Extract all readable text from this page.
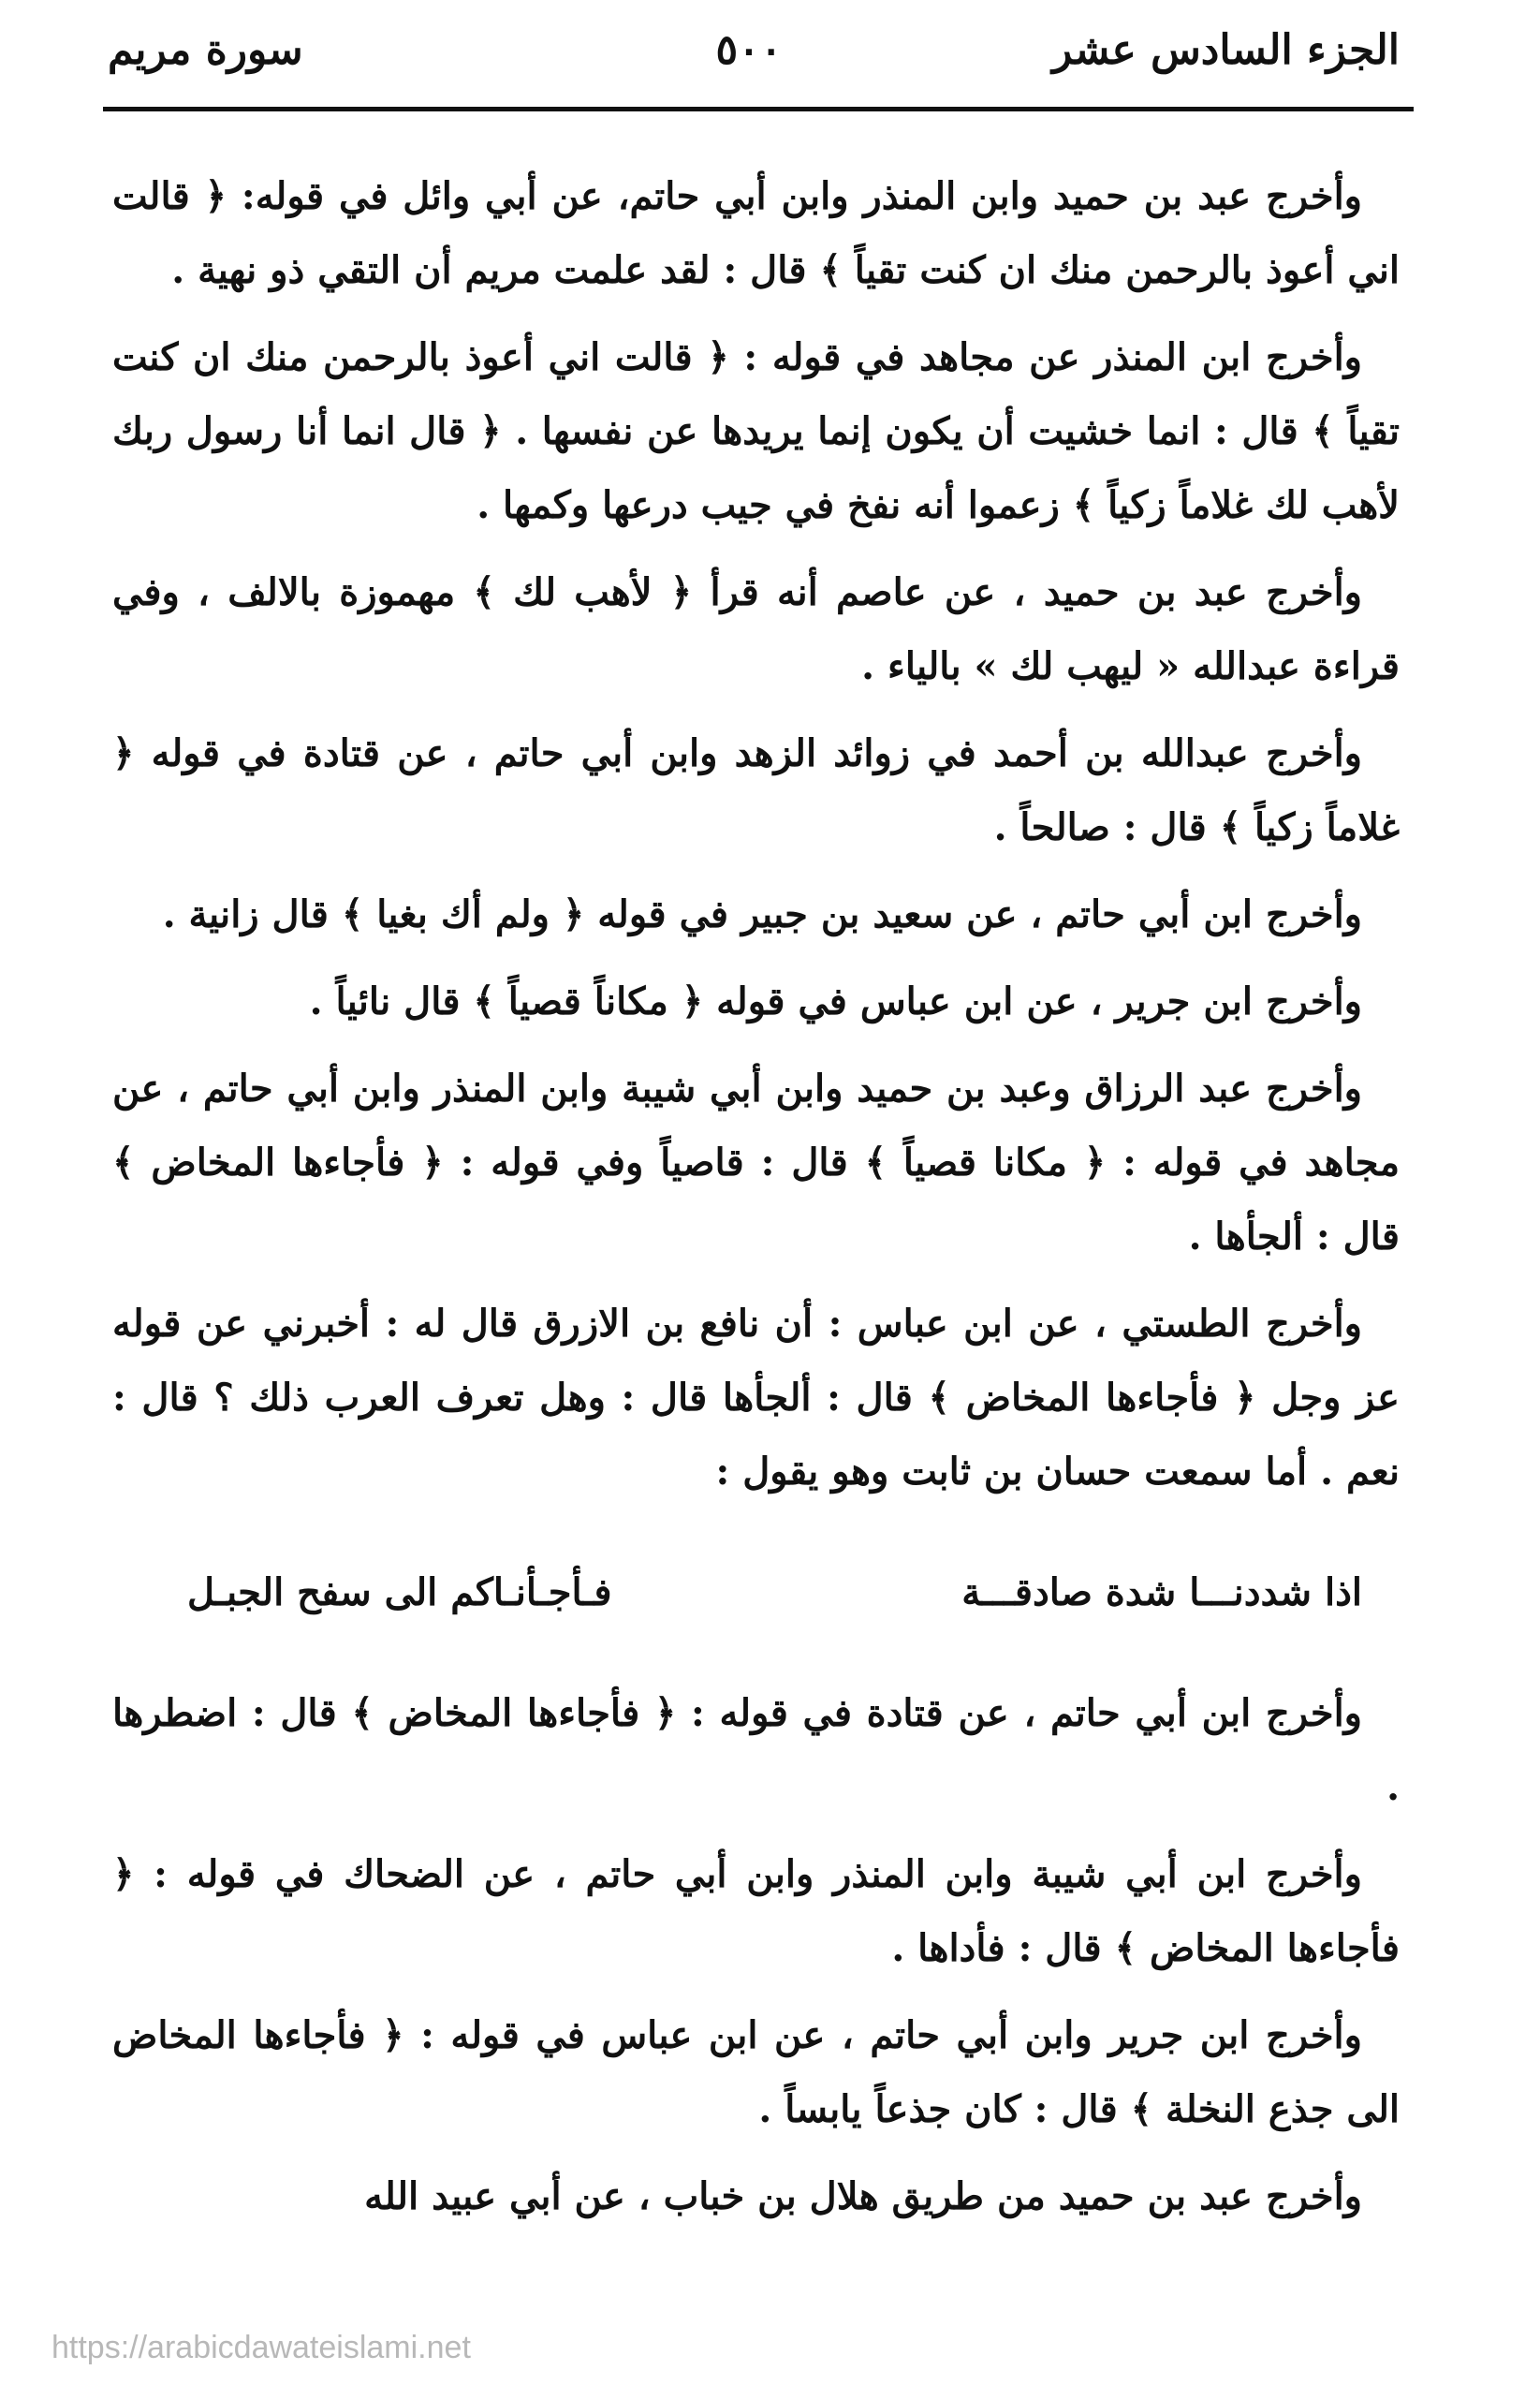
الجزء السادس عشر
٥٠٠
سورة مريم

وأخرج عبد بن حميد وابن المنذر وابن أبي حاتم، عن أبي وائل في قوله: ﴿ قالت اني أعوذ بالرحمن منك ان كنت تقياً ﴾ قال : لقد علمت مريم أن التقي ذو نهية .

وأخرج ابن المنذر عن مجاهد في قوله : ﴿ قالت اني أعوذ بالرحمن منك ان كنت تقياً ﴾ قال : انما خشيت أن يكون إنما يريدها عن نفسها . ﴿ قال انما أنا رسول ربك لأهب لك غلاماً زكياً ﴾ زعموا أنه نفخ في جيب درعها وكمها .

وأخرج عبد بن حميد ، عن عاصم أنه قرأ ﴿ لأهب لك ﴾ مهموزة بالالف ، وفي قراءة عبدالله « ليهب لك » بالياء .

وأخرج عبدالله بن أحمد في زوائد الزهد وابن أبي حاتم ، عن قتادة في قوله ﴿ غلاماً زكياً ﴾ قال : صالحاً .

وأخرج ابن أبي حاتم ، عن سعيد بن جبير في قوله ﴿ ولم أك بغيا ﴾ قال زانية .

وأخرج ابن جرير ، عن ابن عباس في قوله ﴿ مكاناً قصياً ﴾ قال نائياً .

وأخرج عبد الرزاق وعبد بن حميد وابن أبي شيبة وابن المنذر وابن أبي حاتم ، عن مجاهد في قوله : ﴿ مكانا قصياً ﴾ قال : قاصياً وفي قوله : ﴿ فأجاءها المخاض ﴾ قال : ألجأها .

وأخرج الطستي ، عن ابن عباس : أن نافع بن الازرق قال له : أخبرني عن قوله عز وجل ﴿ فأجاءها المخاض ﴾ قال : ألجأها قال : وهل تعرف العرب ذلك ؟ قال : نعم . أما سمعت حسان بن ثابت وهو يقول :

اذا شددنـــا شدة صادقـــة
فـأجـأنـاكم الى سفح الجبـل

وأخرج ابن أبي حاتم ، عن قتادة في قوله : ﴿ فأجاءها المخاض ﴾ قال : اضطرها .

وأخرج ابن أبي شيبة وابن المنذر وابن أبي حاتم ، عن الضحاك في قوله : ﴿ فأجاءها المخاض ﴾ قال : فأداها .

وأخرج ابن جرير وابن أبي حاتم ، عن ابن عباس في قوله : ﴿ فأجاءها المخاض الى جذع النخلة ﴾ قال : كان جذعاً يابساً .

وأخرج عبد بن حميد من طريق هلال بن خباب ، عن أبي عبيد الله

https://arabicdawateislami.net
